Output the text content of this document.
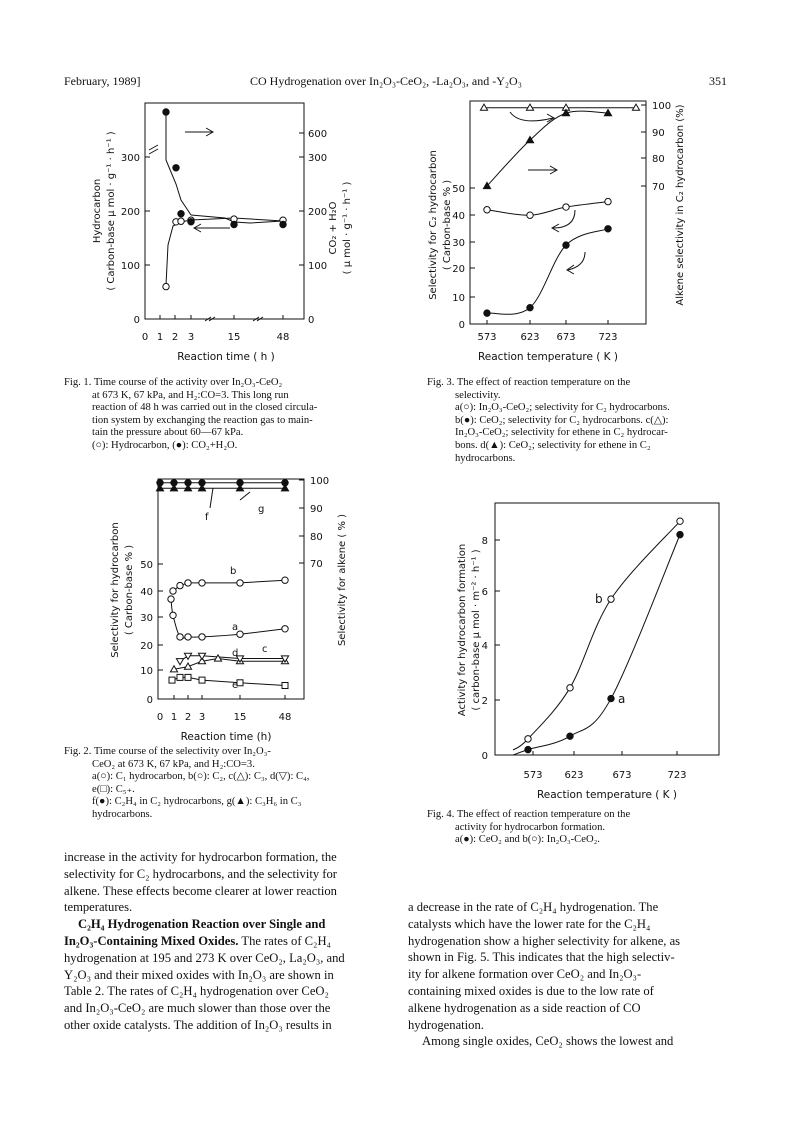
February, 1989]	CO Hydrogenation over In₂O₃-CeO₂, -La₂O₃, and -Y₂O₃	351
0
100
200
300
0
100
200
300
600
0 1 2 3	15	48
Hydrocarbon ( Carbon-base μ mol · g⁻¹ · h⁻¹ )	CO₂ + H₂O ( μ mol · g⁻¹ · h⁻¹ )
Reaction time ( h )

Fig. 1. Time course of the activity over In₂O₃-CeO₂

at 673 K, 67 kPa, and H₂:CO=3. This long run

reaction of 48 h was carried out in the closed circula-

tion system by exchanging the reaction gas to main-

tain the pressure about 60—67 kPa.

(○): Hydrocarbon, (●): CO₂+H₂O.

0
10
20
30
40
50	70
80
90
100
0 1 2 3	15	48
a
b
c
d
e
f
g
Selectivity for hydrocarbon ( Carbon-base % )	Selectivity for alkene ( % )
Reaction time (h)

Fig. 2. Time course of the selectivity over In₂O₃-

CeO₂ at 673 K, 67 kPa, and H₂:CO=3.

a(○): C₁ hydrocarbon, b(○): C₂, c(△): C₃, d(▽): C₄,

e(□): C₅₊.

f(●): C₂H₄ in C₂ hydrocarbons, g(▲): C₃H₆ in C₃

hydrocarbons.

0
10
20
30
40
50	70
80
90
100
573 623 673 723
Selectivity for C₂ hydrocarbon ( Carbon-base % )	Alkene selectivity in C₂ hydrocarbon (%)
Reaction temperature ( K )

Fig. 3. The effect of reaction temperature on the

selectivity.

a(○): In₂O₃-CeO₂; selectivity for C₂ hydrocarbons.

b(●): CeO₂; selectivity for C₂ hydrocarbons. c(△):

In₂O₃-CeO₂; selectivity for ethene in C₂ hydrocar-

bons. d(▲): CeO₂; selectivity for ethene in C₂

hydrocarbons.

0
2
4
6
8
573 623	673	723
a
b
Activity for hydrocarbon formation ( carbon-base μ mol · m⁻² · h⁻¹ )
Reaction temperature ( K )

Fig. 4. The effect of reaction temperature on the

activity for hydrocarbon formation.

a(●): CeO₂ and b(○): In₂O₃-CeO₂.

increase in the activity for hydrocarbon formation, the

selectivity for C₂ hydrocarbons, and the selectivity for

alkene. These effects become clearer at lower reaction

temperatures.

C₂H₄ Hydrogenation Reaction over Single and

In₂O₃-Containing Mixed Oxides. The rates of C₂H₄

hydrogenation at 195 and 273 K over CeO₂, La₂O₃, and

Y₂O₃ and their mixed oxides with In₂O₃ are shown in

Table 2. The rates of C₂H₄ hydrogenation over CeO₂

and In₂O₃-CeO₂ are much slower than those over the

other oxide catalysts. The addition of In₂O₃ results in

a decrease in the rate of C₂H₄ hydrogenation. The

catalysts which have the lower rate for the C₂H₄

hydrogenation show a higher selectivity for alkene, as

shown in Fig. 5. This indicates that the high selectiv-

ity for alkene formation over CeO₂ and In₂O₃-

containing mixed oxides is due to the low rate of

alkene hydrogenation as a side reaction of CO

hydrogenation.

Among single oxides, CeO₂ shows the lowest and
